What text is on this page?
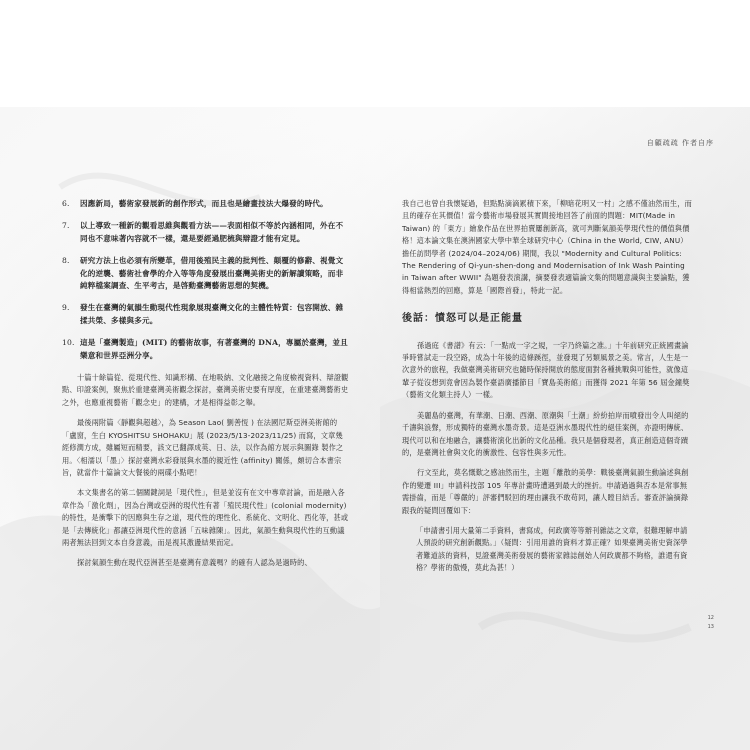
自顧疏疏 作者自序
6. 因應新局，藝術家發展新的創作形式，而且也是繪畫技法大爆發的時代。
7. 以上導致一種新的觀看思維與觀看方法——表面相似不等於內涵相同，外在不同也不意味著內容就不一樣，還是要經過肥梳與辯證才能有定見。
8. 研究方法上也必須有所變革，借用後殖民主義的批判性、顛覆的修辭、視覺文化的逆襲、藝術社會學的介入等等角度發展出臺灣美術史的新解讀策略，而非純粹檔案調查、生平考古，是啓動臺灣藝術思想的契機。
9. 發生在臺灣的氣韻生動現代性現象展現臺灣文化的主體性特質：包容開放、雜揉共榮、多樣與多元。
10. 這是「臺灣製造」(MIT) 的藝術故事，有著臺灣的 DNA，專屬於臺灣，並且樂意和世界亞洲分享。

十篇十餘篇從、從現代性、知識形構、在地吸納、文化融接之角度檢視資料、辯證觀點、印證案例，聚焦於重建臺灣美術觀念探討，臺灣美術史要有厚度，在重建臺灣藝術史之外，也應重視藝術「觀念史」的建構，才是相得益彰之舉。

最後兩附篇〈靜觀與超越〉，為 Season Lao( 劉善恆 ) 在法國尼斯亞洲美術館的「盧窗，生白 KYOSHITSU SHOHAKU」展 (2023/5/13-2023/11/25) 而寫，文章幾經修潤方成，雖屬短而精要，該文已翻譯成英、日、法，以作為館方展示與圖錄 製作之用。〈相濡以「墨」〉探討臺灣水彩發展與水墨的親近性 (affinity) 關係，頗切合本書宗旨，就當作十篇論文大餐後的兩碟小點吧！

本文集書名的第二個關鍵詞是「現代性」，但是並沒有在文中專章討論，而是融入各章作為「激化劑」，因為台灣或亞洲的現代性有著「殖民現代性」(colonial modernity) 的特性，是衝擊下的因應與生存之道，現代性的理性化、系統化、文明化、西化等，甚或是「去傳統化」都讓亞洲現代性的意涵「五味雜陳」。因此，氣韻生動與現代性的互動議兩者無法回到文本自身意義，而是視其激盪結果而定。

探討氣韻生動在現代亞洲甚至是臺灣有意義嗎？的確有人認為是過時的、

我自己也曾自我懷疑過，但點點滴滴累積下來，「柳暗花明又一村」之感不僅油然而生，而且的確存在其價值！當今藝術市場發展其實間接地回答了前面的問題：MIT(Made in Taiwan) 的「東方」繪象作品在世界拍賣屢創新高，就可判斷氣韻美學現代性的價值與價格！這本論文集在澳洲國家大學中華全球研究中心（China in the World, CIW, ANU）擔任訪問學者 (2024/04–2024/06) 期間，我以 "Modernity and Cultural Politics: The Rendering of Qi-yun-shen-dong and Modernisation of Ink Wash Painting in Taiwan after WWII" 為題發表演講，摘要發表適篇論文集的問題意識與主要論點，獲得相當熱烈的回應，算是「國際首發」，特此一記。

後話：憤怒可以是正能量

孫過庭《書譜》有云：「一點成一字之規，一字乃終篇之准。」十年前研究正統國畫論爭時嘗試走一段空路，成為十年後的這條蹊徑，並發現了另類風景之美。常言，人生是一次意外的旅程，我做臺灣美術研究也隨時保持開放的態度面對各種挑戰與可能性，就像這輩子從沒想到竟會因為製作臺語廣播節目「寶島美術館」而獲得 2021 年第 56 屆金鐘獎（藝術文化類主持人）一樣。

美麗島的臺灣，有華潮、日潮、西潮、原潮與「土潮」紛紛拍岸而噴發出令人叫絕的千濤與浪聲，形成獨特的臺灣水墨奇景。這是亞洲水墨現代性的絕佳案例，亦證明傳統、現代可以和在地融合，讓藝術演化出新的文化品種。我只是個發現者，真正創造這個奇蹟的，是臺灣社會與文化的衝激性、包容性與多元性。

行文至此，莫名慨歎之感油然而生，主題「離散的美學：戰後臺灣氣韻生動論述與創作的變遷 III」申請科技部 105 年專計畫時遭遇到最大的挫折。申請過過與否本是常事無需掛齒，而是「尊嚴的」評審們駁回的理由讓我不敢苟同，讓人瞠目結舌。審查評論摘錄跟我的疑問回覆如下：

「申請書引用大量第二手資料，書寫成，何政廣等等辦刊雜誌之文章，很難理解申請人預設的研究創新觀點。」（疑問：引用用誰的資料才算正確？如果臺灣美術史資深學者難道該的資料，見證臺灣美術發展的藝術家雜誌創始人何政廣都不夠格，誰還有資格？學術的傲慢，莫此為甚！）

12
13
